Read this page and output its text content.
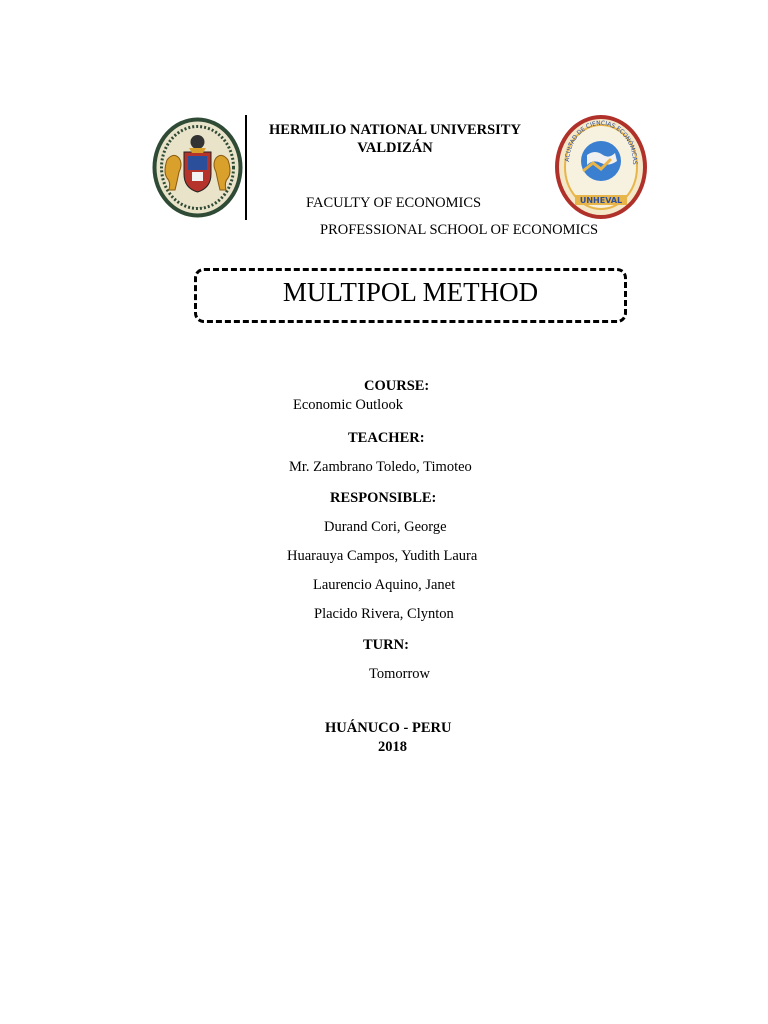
· · · · · ·
HERMILIO NATIONAL UNIVERSITY
VALDIZÁN
UNHEVAL
ACULTAD DE CIENCIAS ECONÓMICAS
FACULTY OF ECONOMICS
PROFESSIONAL SCHOOL OF ECONOMICS
MULTIPOL METHOD
COURSE:
Economic Outlook
TEACHER:
Mr. Zambrano Toledo, Timoteo
RESPONSIBLE:
Durand Cori, George
Huarauya Campos, Yudith Laura
Laurencio Aquino, Janet
Placido Rivera, Clynton
TURN:
Tomorrow
HUÁNUCO - PERU
2018
